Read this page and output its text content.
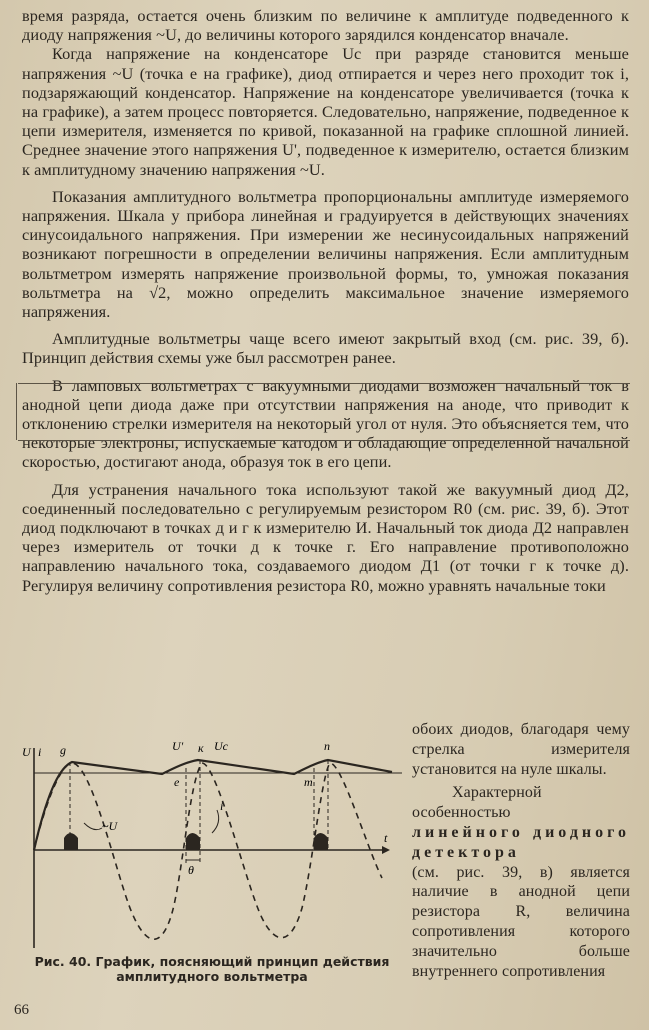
время разряда, остается очень близким по величине к амплитуде подведенного к диоду напряжения ~U, до величины которого зарядился конденсатор вначале.

Когда напряжение на конденсаторе Uc при разряде становится меньше напряжения ~U (точка e на графике), диод отпирается и через него проходит ток i, подзаряжающий конденсатор. Напряжение на конденсаторе увеличивается (точка к на графике), а затем процесс повторяется. Следовательно, напряжение, подведенное к цепи измерителя, изменяется по кривой, показанной на графике сплошной линией. Среднее значение этого напряжения U', подведенное к измерителю, остается близким к амплитудному значению напряжения ~U.

Показания амплитудного вольтметра пропорциональны амплитуде измеряемого напряжения. Шкала у прибора линейная и градуируется в действующих значениях синусоидального напряжения. При измерении же несинусоидальных напряжений возникают погрешности в определении величины напряжения. Если амплитудным вольтметром измерять напряжение произвольной формы, то, умножая показания вольтметра на √2, можно определить максимальное значение измеряемого напряжения.

Амплитудные вольтметры чаще всего имеют закрытый вход (см. рис. 39, б). Принцип действия схемы уже был рассмотрен ранее.

В ламповых вольтметрах с вакуумными диодами возможен начальный ток в анодной цепи диода даже при отсутствии напряжения на аноде, что приводит к отклонению стрелки измерителя на некоторый угол от нуля. Это объясняется тем, что некоторые электроны, испускаемые катодом и обладающие определенной начальной скоростью, достигают анода, образуя ток в его цепи.

Для устранения начального тока используют такой же вакуумный диод Д2, соединенный последовательно с регулируемым резистором R0 (см. рис. 39, б). Этот диод подключают в точках д и г к измерителю И. Начальный ток диода Д2 направлен через измеритель от точки д к точке г. Его направление противоположно направлению начального тока, создаваемого диодом Д1 (от точки г к точке д). Регулируя величину сопротивления резистора R0, можно уравнять начальные токи

U i
t
g	U' к Uc	n
e	m
~U
i
θ
Рис. 40. График, поясняющий принцип действия амплитудного вольтметра

обоих диодов, благодаря чему стрелка измерителя установится на нуле шкалы.

Характерной особенностью

линейного диодного детектора

(см. рис. 39, в) является наличие в анодной цепи резистора R, величина сопротивления которого значительно больше внутреннего сопротивления

66
